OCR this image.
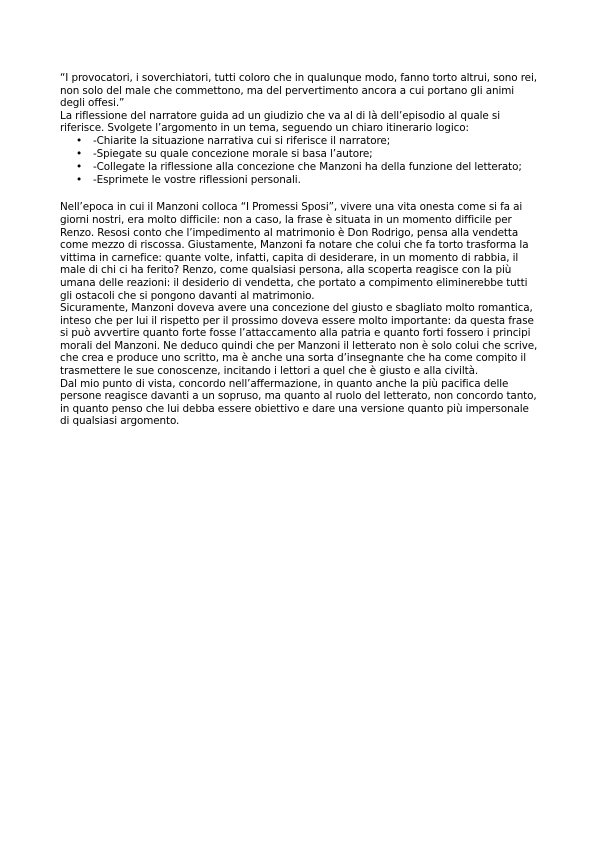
“I provocatori, i soverchiatori, tutti coloro che in qualunque modo, fanno torto altrui, sono rei, non solo del male che commettono, ma del pervertimento ancora a cui portano gli animi degli offesi.”

La riflessione del narratore guida ad un giudizio che va al di là dell’episodio al quale si riferisce. Svolgete l’argomento in un tema, seguendo un chiaro itinerario logico:

• -Chiarite la situazione narrativa cui si riferisce il narratore;
• -Spiegate su quale concezione morale si basa l’autore;
• -Collegate la riflessione alla concezione che Manzoni ha della funzione del letterato;
• -Esprimete le vostre riflessioni personali.

Nell’epoca in cui il Manzoni colloca “I Promessi Sposi”, vivere una vita onesta come si fa ai giorni nostri, era molto difficile: non a caso, la frase è situata in un momento difficile per Renzo. Resosi conto che l’impedimento al matrimonio è Don Rodrigo, pensa alla vendetta come mezzo di riscossa. Giustamente, Manzoni fa notare che colui che fa torto trasforma la vittima in carnefice: quante volte, infatti, capita di desiderare, in un momento di rabbia, il male di chi ci ha ferito? Renzo, come qualsiasi persona, alla scoperta reagisce con la più umana delle reazioni: il desiderio di vendetta, che portato a compimento eliminerebbe tutti gli ostacoli che si pongono davanti al matrimonio.

Sicuramente, Manzoni doveva avere una concezione del giusto e sbagliato molto romantica, inteso che per lui il rispetto per il prossimo doveva essere molto importante: da questa frase si può avvertire quanto forte fosse l’attaccamento alla patria e quanto forti fossero i principi morali del Manzoni. Ne deduco quindi che per Manzoni il letterato non è solo colui che scrive, che crea e produce uno scritto, ma è anche una sorta d’insegnante che ha come compito il trasmettere le sue conoscenze, incitando i lettori a quel che è giusto e alla civiltà.

Dal mio punto di vista, concordo nell’affermazione, in quanto anche la più pacifica delle persone reagisce davanti a un sopruso, ma quanto al ruolo del letterato, non concordo tanto, in quanto penso che lui debba essere obiettivo e dare una versione quanto più impersonale di qualsiasi argomento.
